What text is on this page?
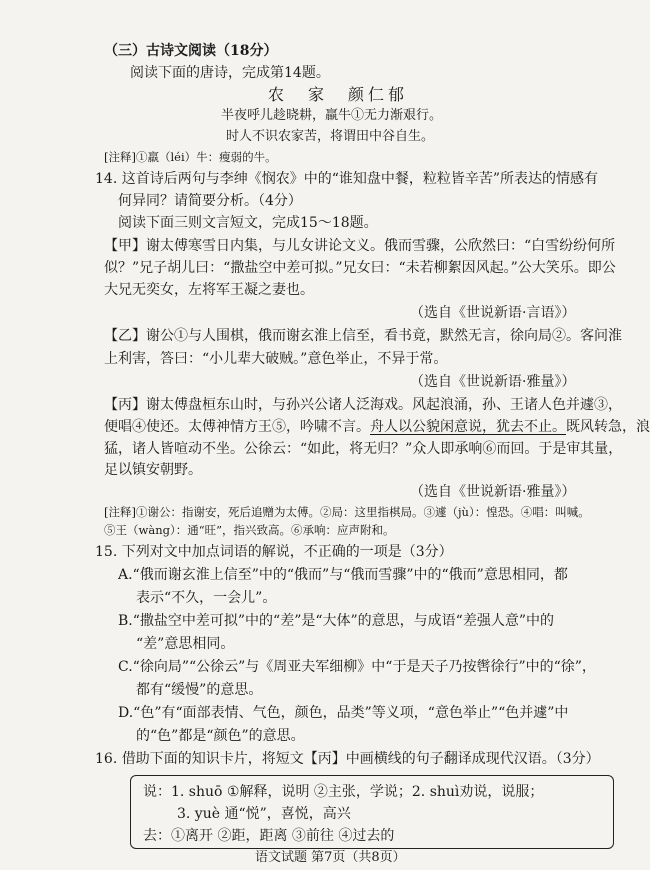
（三）古诗文阅读（18分）
阅读下面的唐诗，完成第14题。
农　家　颜仁郁
半夜呼儿趁晓耕，羸牛①无力渐艰行。
时人不识农家苦，将谓田中谷自生。
[注释]①羸（léi）牛：瘦弱的牛。
14. 这首诗后两句与李绅《悯农》中的“谁知盘中餐，粒粒皆辛苦”所表达的情感有
何异同？请简要分析。（4分）
阅读下面三则文言短文，完成15～18题。
【甲】谢太傅寒雪日内集，与儿女讲论文义。俄而雪骤，公欣然曰：“白雪纷纷何所
似？”兄子胡儿曰：“撒盐空中差可拟。”兄女曰：“未若柳絮因风起。”公大笑乐。即公
大兄无奕女，左将军王凝之妻也。
（选自《世说新语·言语》）
【乙】谢公①与人围棋，俄而谢玄淮上信至，看书竟，默然无言，徐向局②。客问淮
上利害，答曰：“小儿辈大破贼。”意色举止，不异于常。
（选自《世说新语·雅量》）
【丙】谢太傅盘桓东山时，与孙兴公诸人泛海戏。风起浪涌，孙、王诸人色并遽③，
便唱④使还。太傅神情方王⑤，吟啸不言。舟人以公貌闲意说，犹去不止。既风转急，浪
猛，诸人皆喧动不坐。公徐云：“如此，将无归？”众人即承响⑥而回。于是审其量，
足以镇安朝野。
（选自《世说新语·雅量》）
[注释]①谢公：指谢安，死后追赠为太傅。②局：这里指棋局。③遽（jù）：惶恐。④唱：叫喊。
⑤王（wàng）：通“旺”，指兴致高。⑥承响：应声附和。
15. 下列对文中加点词语的解说，不正确的一项是（3分）
A.“俄而谢玄淮上信至”中的“俄而”与“俄而雪骤”中的“俄而”意思相同，都
表示“不久，一会儿”。
B.“撒盐空中差可拟”中的“差”是“大体”的意思，与成语“差强人意”中的
“差”意思相同。
C.“徐向局”“公徐云”与《周亚夫军细柳》中“于是天子乃按辔徐行”中的“徐”，
都有“缓慢”的意思。
D.“色”有“面部表情、气色，颜色，品类”等义项，“意色举止”“色并遽”中
的“色”都是“颜色”的意思。
16. 借助下面的知识卡片，将短文【丙】中画横线的句子翻译成现代汉语。（3分）
语文试题 第7页（共8页）
说：1. shuō ①解释，说明 ②主张，学说；2. shuì劝说，说服；
3. yuè 通“悦”，喜悦，高兴
去：①离开 ②距，距离 ③前往 ④过去的
